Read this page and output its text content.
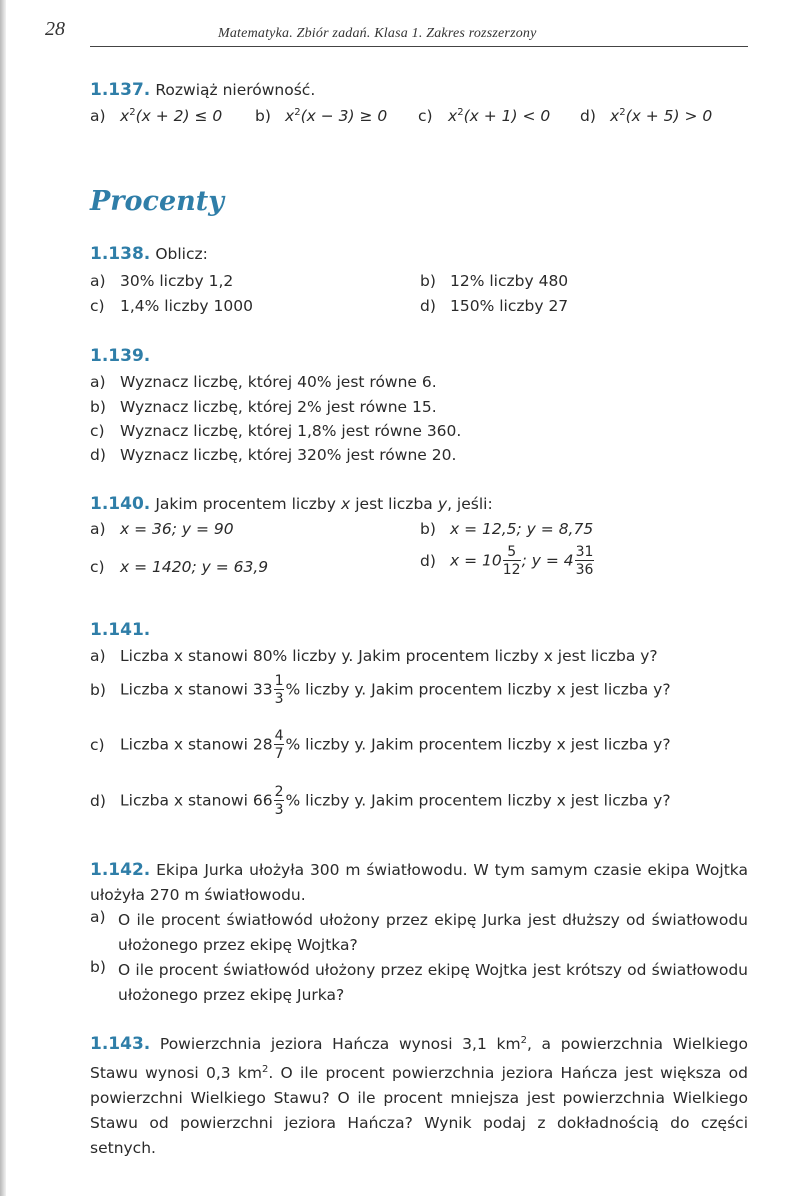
28	Matematyka. Zbiór zadań. Klasa 1. Zakres rozszerzony
1.137. Rozwiąż nierówność.
a) $x^2(x + 2) \le 0$ b) $x^2(x - 3) \ge 0$ c) $x^2(x + 1) < 0$ d) $x^2(x + 5) > 0$
Procenty
1.138. Oblicz:
a) 30% liczby 1,2	b) 12% liczby 480
c) 1,4% liczby 1000	d) 150% liczby 27
1.139.
a) Wyznacz liczbę, której 40% jest równe 6.
b) Wyznacz liczbę, której 2% jest równe 15.
c) Wyznacz liczbę, której 1,8% jest równe 360.
d) Wyznacz liczbę, której 320% jest równe 20.
1.140. Jakim procentem liczby x jest liczba y, jeśli:
a) x = 36; y = 90	b) x = 12,5; y = 8,75
c) x = 1420; y = 63,9	d) $x = 10 \frac{5}{12}$ ; $y = 4 \frac{31}{36}$
1.141.
a) Liczba x stanowi 80% liczby y. Jakim procentem liczby x jest liczba y?
b) Liczba x stanowi $33 \frac{1}{3}$ % liczby y. Jakim procentem liczby x jest liczba y?
c) Liczba x stanowi $28 \frac{4}{7}$ % liczby y. Jakim procentem liczby x jest liczba y?
d) Liczba x stanowi $66 \frac{2}{3}$ % liczby y. Jakim procentem liczby x jest liczba y?
1.142. Ekipa Jurka ułożyła 300 m światłowodu. W tym samym czasie ekipa Wojtka ułożyła 270 m światłowodu.
a) O ile procent światłowód ułożony przez ekipę Jurka jest dłuższy od światłowodu ułożonego przez ekipę Wojtka?
b) O ile procent światłowód ułożony przez ekipę Wojtka jest krótszy od światłowodu ułożonego przez ekipę Jurka?
1.143. Powierzchnia jeziora Hańcza wynosi 3,1 $km^2$, a powierzchnia Wielkiego Stawu wynosi 0,3 $km^2$. O ile procent powierzchnia jeziora Hańcza jest większa od powierzchni Wielkiego Stawu? O ile procent mniejsza jest powierzchnia Wielkiego Stawu od powierzchni jeziora Hańcza? Wynik podaj z dokładnością do części setnych.
